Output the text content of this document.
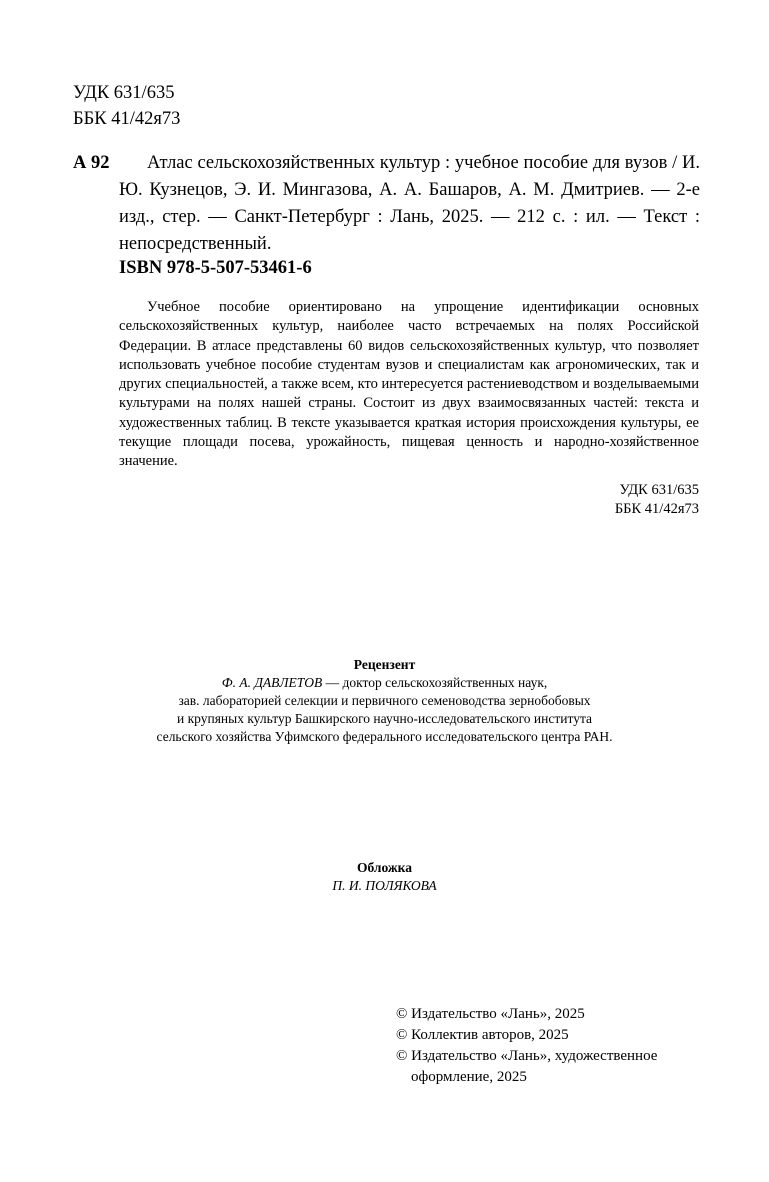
УДК 631/635
ББК 41/42я73
А 92	Атлас сельскохозяйственных культур : учебное пособие для вузов / И. Ю. Кузнецов, Э. И. Мингазова, А. А. Башаров, А. М. Дмитриев. — 2-е изд., стер. — Санкт-Петербург : Лань, 2025. — 212 с. : ил. — Текст : непосредственный.
ISBN 978-5-507-53461-6

Учебное пособие ориентировано на упрощение идентификации основных сельскохозяйственных культур, наиболее часто встречаемых на полях Российской Федерации. В атласе представлены 60 видов сельскохозяйственных культур, что позволяет использовать учебное пособие студентам вузов и специалистам как агрономических, так и других специальностей, а также всем, кто интересуется растениеводством и возделываемыми культурами на полях нашей страны. Состоит из двух взаимосвязанных частей: текста и художественных таблиц. В тексте указывается краткая история происхождения культуры, ее текущие площади посева, урожайность, пищевая ценность и народно-хозяйственное значение.

УДК 631/635
ББК 41/42я73
Рецензент
Ф. А. ДАВЛЕТОВ — доктор сельскохозяйственных наук,
зав. лабораторией селекции и первичного семеноводства зернобобовых
и крупяных культур Башкирского научно-исследовательского института
сельского хозяйства Уфимского федерального исследовательского центра РАН.
Обложка
П. И. ПОЛЯКОВА
© Издательство «Лань», 2025
© Коллектив авторов, 2025
© Издательство «Лань», художественное
оформление, 2025
